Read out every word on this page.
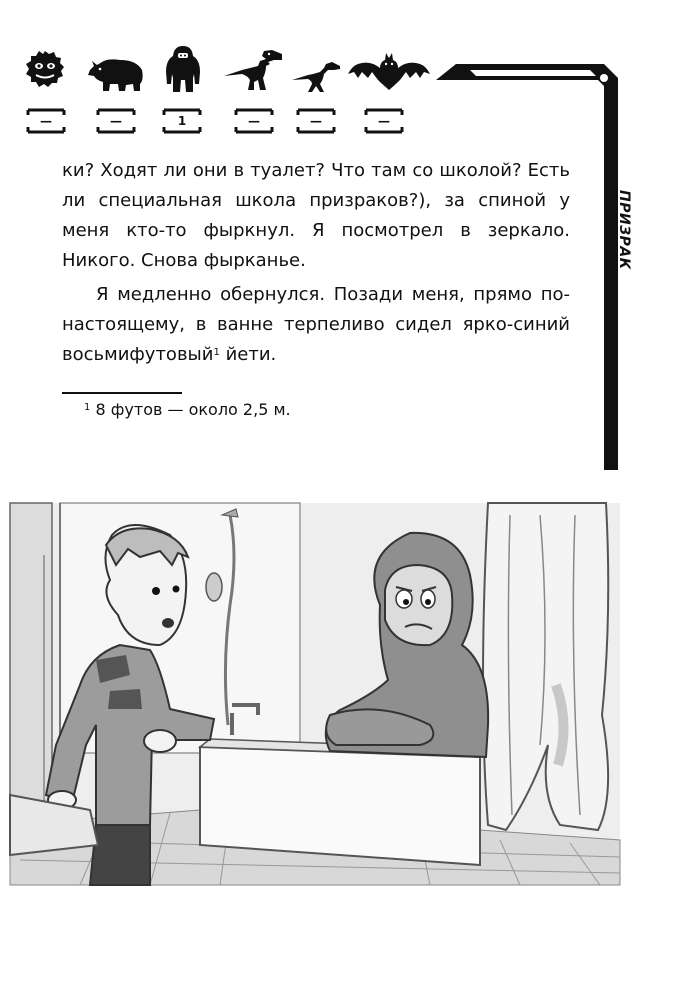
—	—	1	—	—	—
ПРИЗРАК

ки? Ходят ли они в туалет? Что там со школой? Есть ли специальная школа призраков?), за спиной у меня кто-то фыркнул. Я посмотрел в зеркало. Никого. Снова фырканье.

Я медленно обернулся. Позади меня, прямо по-настоящему, в ванне терпеливо сидел ярко-синий восьмифутовый$^1$ йети.

$^1$ 8 футов — около 2,5 м.
